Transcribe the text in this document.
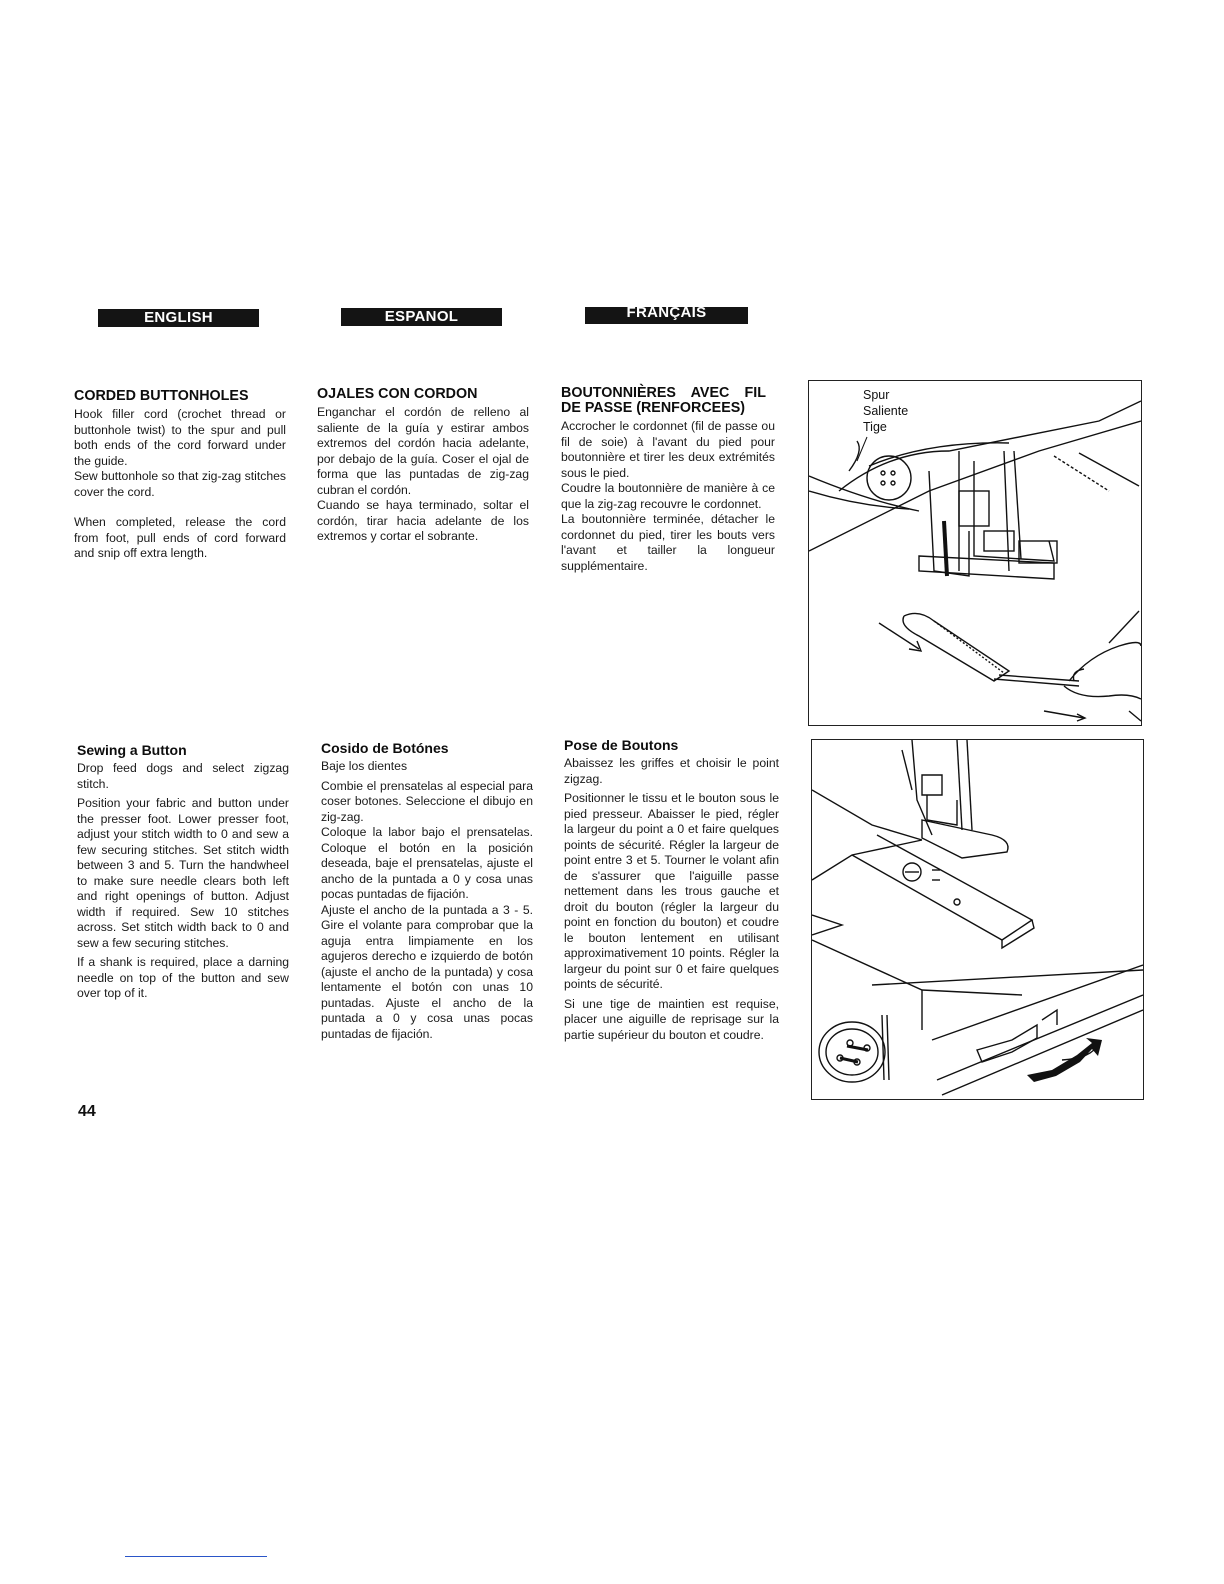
ENGLISH	ESPANOL	FRANÇAIS
CORDED BUTTONHOLES

Hook filler cord (crochet thread or buttonhole twist) to the spur and pull both ends of the cord forward under the guide.

Sew buttonhole so that zig-zag stitches cover the cord.

When completed, release the cord from foot, pull ends of cord forward and snip off extra length.

OJALES CON CORDON

Enganchar el cordón de relleno al saliente de la guía y estirar ambos extremos del cordón hacia adelante, por debajo de la guía. Coser el ojal de forma que las puntadas de zig-zag cubran el cordón.

Cuando se haya terminado, soltar el cordón, tirar hacia adelante de los extremos y cortar el sobrante.

BOUTONNIÈRES AVEC FIL DE PASSE (RENFORCEES)

Accrocher le cordonnet (fil de passe ou fil de soie) à l'avant du pied pour boutonnière et tirer les deux extrémités sous le pied.

Coudre la boutonnière de manière à ce que la zig-zag recouvre le cordonnet.

La boutonnière terminée, détacher le cordonnet du pied, tirer les bouts vers l'avant et tailler la longueur supplémentaire.

Spur
Saliente
Tige
Sewing a Button

Drop feed dogs and select zigzag stitch.

Position your fabric and button under the presser foot. Lower presser foot, adjust your stitch width to 0 and sew a few securing stitches. Set stitch width between 3 and 5. Turn the handwheel to make sure needle clears both left and right openings of button. Adjust width if required. Sew 10 stitches across. Set stitch width back to 0 and sew a few securing stitches.

If a shank is required, place a darning needle on top of the button and sew over top of it.

Cosido de Botónes

Baje los dientes

Combie el prensatelas al especial para coser botones. Seleccione el dibujo en zig-zag.

Coloque la labor bajo el prensatelas. Coloque el botón en la posición deseada, baje el prensatelas, ajuste el ancho de la puntada a 0 y cosa unas pocas puntadas de fijación.

Ajuste el ancho de la puntada a 3 - 5. Gire el volante para comprobar que la aguja entra limpiamente en los agujeros derecho e izquierdo de botón (ajuste el ancho de la puntada) y cosa lentamente el botón con unas 10 puntadas. Ajuste el ancho de la puntada a 0 y cosa unas pocas puntadas de fijación.

Pose de Boutons

Abaissez les griffes et choisir le point zigzag.

Positionner le tissu et le bouton sous le pied presseur. Abaisser le pied, régler la largeur du point a 0 et faire quelques points de sécurité. Régler la largeur de point entre 3 et 5. Tourner le volant afin de s'assurer que l'aiguille passe nettement dans les trous gauche et droit du bouton (régler la largeur du point en fonction du bouton) et coudre le bouton lentement en utilisant approximativement 10 points. Régler la largeur du point sur 0 et faire quelques points de sécurité.

Si une tige de maintien est requise, placer une aiguille de reprisage sur la partie supérieur du bouton et coudre.

44
